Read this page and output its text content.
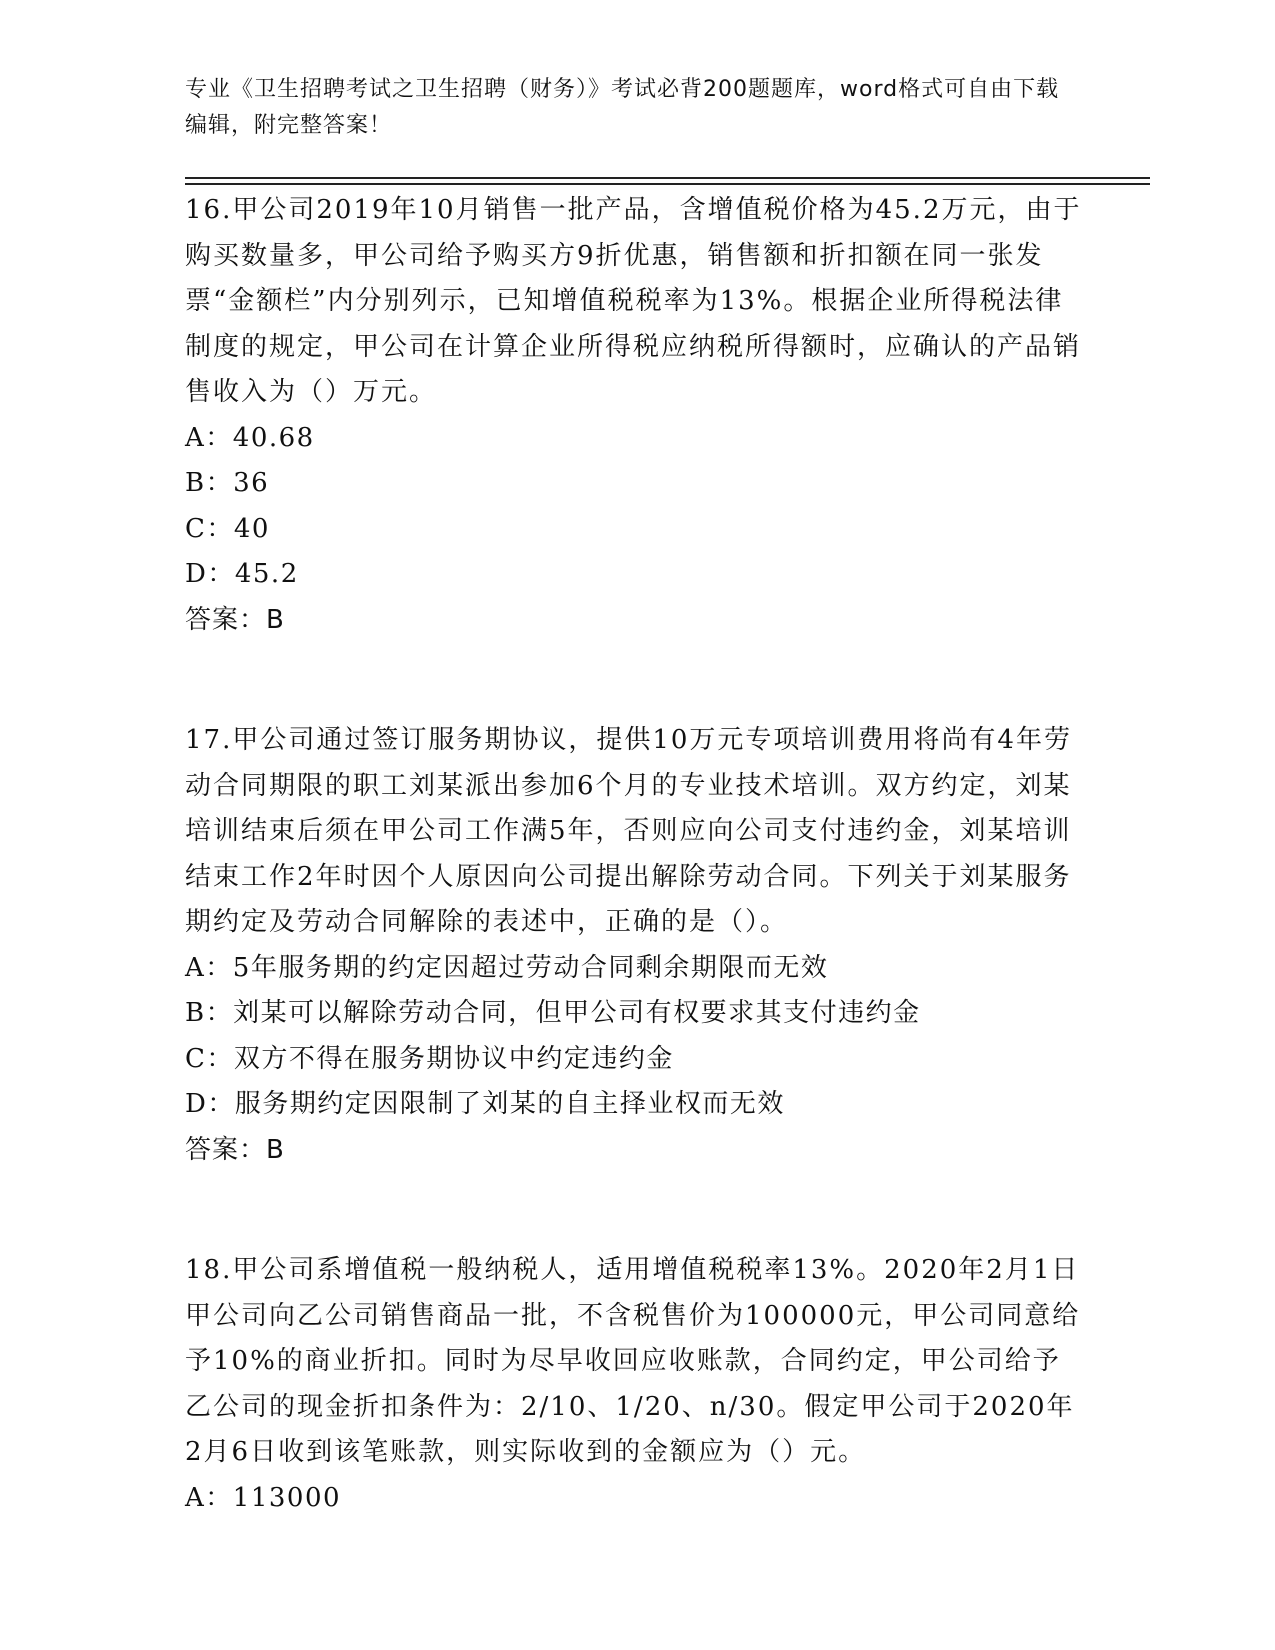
专业《卫生招聘考试之卫生招聘（财务）》考试必背200题题库，word格式可自由下载编辑，附完整答案！

16.甲公司2019年10月销售一批产品，含增值税价格为45.2万元，由于购买数量多，甲公司给予购买方9折优惠，销售额和折扣额在同一张发票“金额栏”内分别列示，已知增值税税率为13%。根据企业所得税法律制度的规定，甲公司在计算企业所得税应纳税所得额时，应确认的产品销售收入为（）万元。

A：40.68

B：36

C：40

D：45.2

答案：B

17.甲公司通过签订服务期协议，提供10万元专项培训费用将尚有4年劳动合同期限的职工刘某派出参加6个月的专业技术培训。双方约定，刘某培训结束后须在甲公司工作满5年，否则应向公司支付违约金，刘某培训结束工作2年时因个人原因向公司提出解除劳动合同。下列关于刘某服务期约定及劳动合同解除的表述中，正确的是（）。

A：5年服务期的约定因超过劳动合同剩余期限而无效

B：刘某可以解除劳动合同，但甲公司有权要求其支付违约金

C：双方不得在服务期协议中约定违约金

D：服务期约定因限制了刘某的自主择业权而无效

答案：B

18.甲公司系增值税一般纳税人，适用增值税税率13%。2020年2月1日甲公司向乙公司销售商品一批，不含税售价为100000元，甲公司同意给予10%的商业折扣。同时为尽早收回应收账款，合同约定，甲公司给予乙公司的现金折扣条件为：2/10、1/20、n/30。假定甲公司于2020年2月6日收到该笔账款，则实际收到的金额应为（）元。

A：113000
